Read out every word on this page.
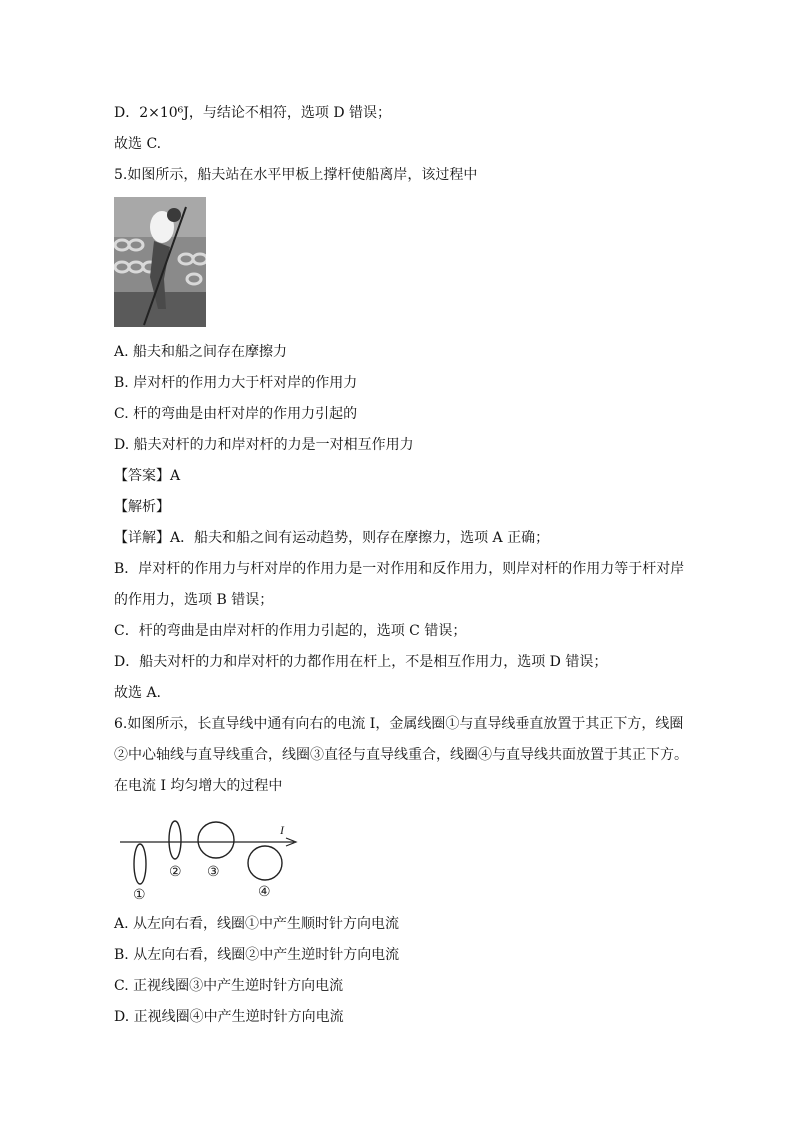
D．2×10⁶J，与结论不相符，选项 D 错误；
故选 C.
5.如图所示，船夫站在水平甲板上撑杆使船离岸，该过程中
A. 船夫和船之间存在摩擦力
B. 岸对杆的作用力大于杆对岸的作用力
C. 杆的弯曲是由杆对岸的作用力引起的
D. 船夫对杆的力和岸对杆的力是一对相互作用力
【答案】A
【解析】
【详解】A．船夫和船之间有运动趋势，则存在摩擦力，选项 A 正确；
B．岸对杆的作用力与杆对岸的作用力是一对作用和反作用力，则岸对杆的作用力等于杆对岸
的作用力，选项 B 错误；
C．杆的弯曲是由岸对杆的作用力引起的，选项 C 错误；
D．船夫对杆的力和岸对杆的力都作用在杆上，不是相互作用力，选项 D 错误；
故选 A.
6.如图所示，长直导线中通有向右的电流 I，金属线圈①与直导线垂直放置于其正下方，线圈
②中心轴线与直导线重合，线圈③直径与直导线重合，线圈④与直导线共面放置于其正下方。
在电流 I 均匀增大的过程中
I
①
② ③
④
A. 从左向右看，线圈①中产生顺时针方向电流
B. 从左向右看，线圈②中产生逆时针方向电流
C. 正视线圈③中产生逆时针方向电流
D. 正视线圈④中产生逆时针方向电流
